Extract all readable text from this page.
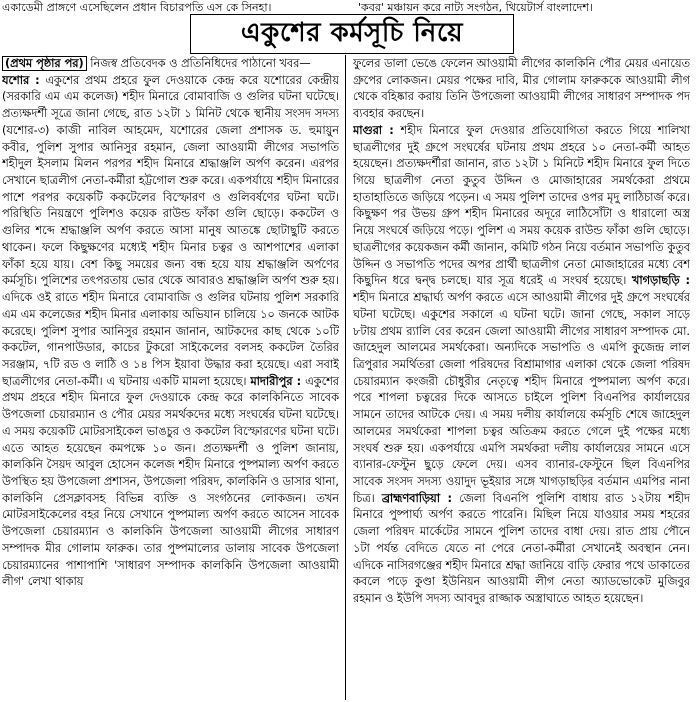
একাডেমী প্রাঙ্গণে এসেছিলেন প্রধান বিচারপতি এস কে সিনহা।	'কবর' মঞ্চায়ন করে নাট্য সংগঠন, থিয়েটার্স বাংলাদেশ।
একুশের কর্মসূচি নিয়ে

(প্রথম পৃষ্ঠার পর) নিজস্ব প্রতিবেদক ও প্রতিনিধিদের পাঠানো খবর—

যশোর : একুশের প্রথম প্রহরে ফুল দেওয়াকে কেন্দ্র করে যশোরের কেন্দ্রীয় (সরকারি এম এম কলেজ) শহীদ মিনারে বোমাবাজি ও গুলির ঘটনা ঘটেছে। প্রত্যক্ষদর্শী সূত্রে জানা গেছে, রাত ১২টা ১ মিনিট থেকে স্থানীয় সংসদ সদস্য (যশোর-৩) কাজী নাবিল আহমেদ, যশোরের জেলা প্রশাসক ড. হুমায়ুন কবীর, পুলিশ সুপার আনিসুর রহমান, জেলা আওয়ামী লীগের সভাপতি শহীদুল ইসলাম মিলন পরপর শহীদ মিনারে শ্রদ্ধাঞ্জলি অর্পণ করেন। এরপর সেখানে ছাত্রলীগ নেতা-কর্মীরা হট্টগোল শুরু করে। একপর্যায়ে শহীদ মিনারের পাশে পরপর কয়েকটি ককটেলের বিস্ফোরণ ও গুলিবর্ষণের ঘটনা ঘটে। পরিস্থিতি নিয়ন্ত্রণে পুলিশও কয়েক রাউন্ড ফাঁকা গুলি ছোড়ে। ককটেল ও গুলির শব্দে শ্রদ্ধাঞ্জলি অর্পণ করতে আসা মানুষ আতঙ্কে ছোটাছুটি করতে থাকেন। ফলে কিছুক্ষণের মধ্যেই শহীদ মিনার চত্বর ও আশপাশের এলাকা ফাঁকা হয়ে যায়। বেশ কিছু সময়ের জন্য বন্ধ হয়ে যায় শ্রদ্ধাঞ্জলি অর্পণের কর্মসূচি। পুলিশের তৎপরতায় ভোর থেকে আবারও শ্রদ্ধাঞ্জলি অর্পণ শুরু হয়। এদিকে ওই রাতে শহীদ মিনারে বোমাবাজি ও গুলির ঘটনায় পুলিশ সরকারি এম এম কলেজের শহীদ মিনার এলাকায় অভিযান চালিয়ে ১০ জনকে আটক করেছে। পুলিশ সুপার আনিসুর রহমান জানান, আটকদের কাছ থেকে ১০টি ককটেল, গানপাউডার, কাচের টুকরো সাইকেলের বলসহ ককটেল তৈরির সরঞ্জাম, ৭টি রড ও লাঠি ও ১৪ পিস ইয়াবা উদ্ধার করা হয়েছে। এরা সবাই ছাত্রলীগের নেতা-কর্মী। এ ঘটনায় একটি মামলা হয়েছে। মাদারীপুর : একুশের প্রথম প্রহরে শহীদ মিনারে ফুল দেওয়াকে কেন্দ্র করে কালকিনিতে সাবেক উপজেলা চেয়ারম্যান ও পৌর মেয়র সমর্থকদের মধ্যে সংঘর্ষের ঘটনা ঘটেছে। এ সময় কয়েকটি মোটরসাইকেল ভাঙচুর ও ককটেল বিস্ফোরণের ঘটনা ঘটে। এতে আহত হয়েছেন কমপক্ষে ১০ জন। প্রত্যক্ষদর্শী ও পুলিশ জানায়, কালকিনি সৈয়দ আবুল হোসেন কলেজ শহীদ মিনারে পুষ্পমাল্য অর্পণ করতে উপস্থিত হয় উপজেলা প্রশাসন, উপজেলা পরিষদ, কালকিনি ও ডাসার থানা, কালকিনি প্রেসক্লাবসহ বিভিন্ন ব্যক্তি ও সংগঠনের লোকজন। তখন মোটরসাইকেলের বহর নিয়ে সেখানে পুষ্পমাল্য অর্পণ করতে আসেন সাবেক উপজেলা চেয়ারম্যান ও কালকিনি উপজেলা আওয়ামী লীগের সাধারণ সম্পাদক মীর গোলাম ফারুক। তার পুষ্পমাল্যের ডালায় সাবেক উপজেলা চেয়ারম্যানের পাশাপাশি 'সাধারণ সম্পাদক কালকিনি উপজেলা আওয়ামী লীগ' লেখা থাকায়

ফুলের ডালা ভেঙে ফেলেন আওয়ামী লীগের কালকিনি পৌর মেয়র এনায়েত গ্রুপের লোকজন। মেয়র পক্ষের দাবি, মীর গোলাম ফারুককে আওয়ামী লীগ থেকে বহিষ্কার করায় তিনি উপজেলা আওয়ামী লীগের সাধারণ সম্পাদক পদ ব্যবহার করছেন।

মাগুরা : শহীদ মিনারে ফুল দেওয়ার প্রতিযোগিতা করতে গিয়ে শালিখা ছাত্রলীগের দুই গ্রুপে সংঘর্ষের ঘটনায় প্রথম প্রহরে ১০ নেতা-কর্মী আহত হয়েছেন। প্রত্যক্ষদর্শীরা জানান, রাত ১২টা ১ মিনিটে শহীদ মিনারে ফুল দিতে গিয়ে ছাত্রলীগ নেতা কুতুব উদ্দিন ও মোজাহারের সমর্থকেরা প্রথমে হাতাহাতিতে জড়িয়ে পড়েন। এ সময় পুলিশ তাদের ওপর মৃদু লাঠিচার্জ করে। কিছুক্ষণ পর উভয় গ্রুপ শহীদ মিনারের অদূরে লাঠিসোঁটা ও ধারালো অস্ত্র নিয়ে সংঘর্ষে জড়িয়ে পড়ে। পুলিশ এ সময় কয়েক রাউন্ড ফাঁকা গুলি ছোড়ে। ছাত্রলীগের কয়েকজন কর্মী জানান, কমিটি গঠন নিয়ে বর্তমান সভাপতি কুতুব উদ্দিন ও সভাপতি পদের অপর প্রার্থী ছাত্রলীগ নেতা মোজাহারের মধ্যে বেশ কিছুদিন ধরে দ্বন্দ্ব চলছে। যার সূত্র ধরেই এ সংঘর্ষ হয়েছে। খাগড়াছড়ি : শহীদ মিনারে শ্রদ্ধার্ঘ্য অর্পণ করতে এসে আওয়ামী লীগের দুই গ্রুপে সংঘর্ষের ঘটনা ঘটেছে। একুশের সকালে এ ঘটনা ঘটে। জানা গেছে, সকাল সাড়ে ৮টায় প্রথম র‌্যালি বের করেন জেলা আওয়ামী লীগের সাধারণ সম্পাদক মো. জাহেদুল আলমের সমর্থকেরা। অন্যদিকে সভাপতি ও এমপি কুজেন্দ্র লাল ত্রিপুরার সমর্থিতরা জেলা পরিষদের বিশ্রামাগার এলাকা থেকে জেলা পরিষদ চেয়ারম্যান কংজরী চৌধুরীর নেতৃত্বে শহীদ মিনারে পুষ্পমাল্য অর্পণ করে। পরে শাপলা চত্বরের দিকে আসতে চাইলে পুলিশ বিএনপির কার্যালয়ের সামনে তাদের আটকে দেয়। এ সময় দলীয় কার্যালয়ে কর্মসূচি শেষে জাহেদুল আলমের সমর্থকেরা শাপলা চত্বর অতিক্রম করতে গেলে দুই পক্ষের মধ্যে সংঘর্ষ শুরু হয়। একপর্যায়ে এমপি সমর্থকরা দলীয় কার্যালয়ের সামনে এসে ব্যানার-ফেস্টুন ছুড়ে ফেলে দেয়। এসব ব্যানার-ফেস্টুনে ছিল বিএনপির সাবেক সংসদ সদস্য ওয়াদুদ ভূইয়ার সঙ্গে খাগড়াছড়ির বর্তমান এমপির নানা চিত্র। ব্রাহ্মণবাড়িয়া : জেলা বিএনপি পুলিশি বাধায় রাত ১২টায় শহীদ মিনারে পুষ্পার্ঘ্য অর্পণ করতে পারেনি। মিছিল নিয়ে যাওয়ার সময় শহরের জেলা পরিষদ মার্কেটের সামনে পুলিশ তাদের বাধা দেয়। রাত প্রায় পৌনে ১টা পর্যন্ত বেদিতে যেতে না পেরে নেতা-কর্মীরা সেখানেই অবস্থান নেন। এদিকে নাসিরগঞ্জের শহীদ মিনারে শ্রদ্ধা জানিয়ে বাড়ি ফেরার পথে ডাকাতের কবলে পড়ে কুণ্ডা ইউনিয়ন আওয়ামী লীগ নেতা অ্যাডভোকেট মুজিবুর রহমান ও ইউপি সদস্য আবদুর রাজ্জাক অস্ত্রাঘাতে আহত হয়েছেন।
